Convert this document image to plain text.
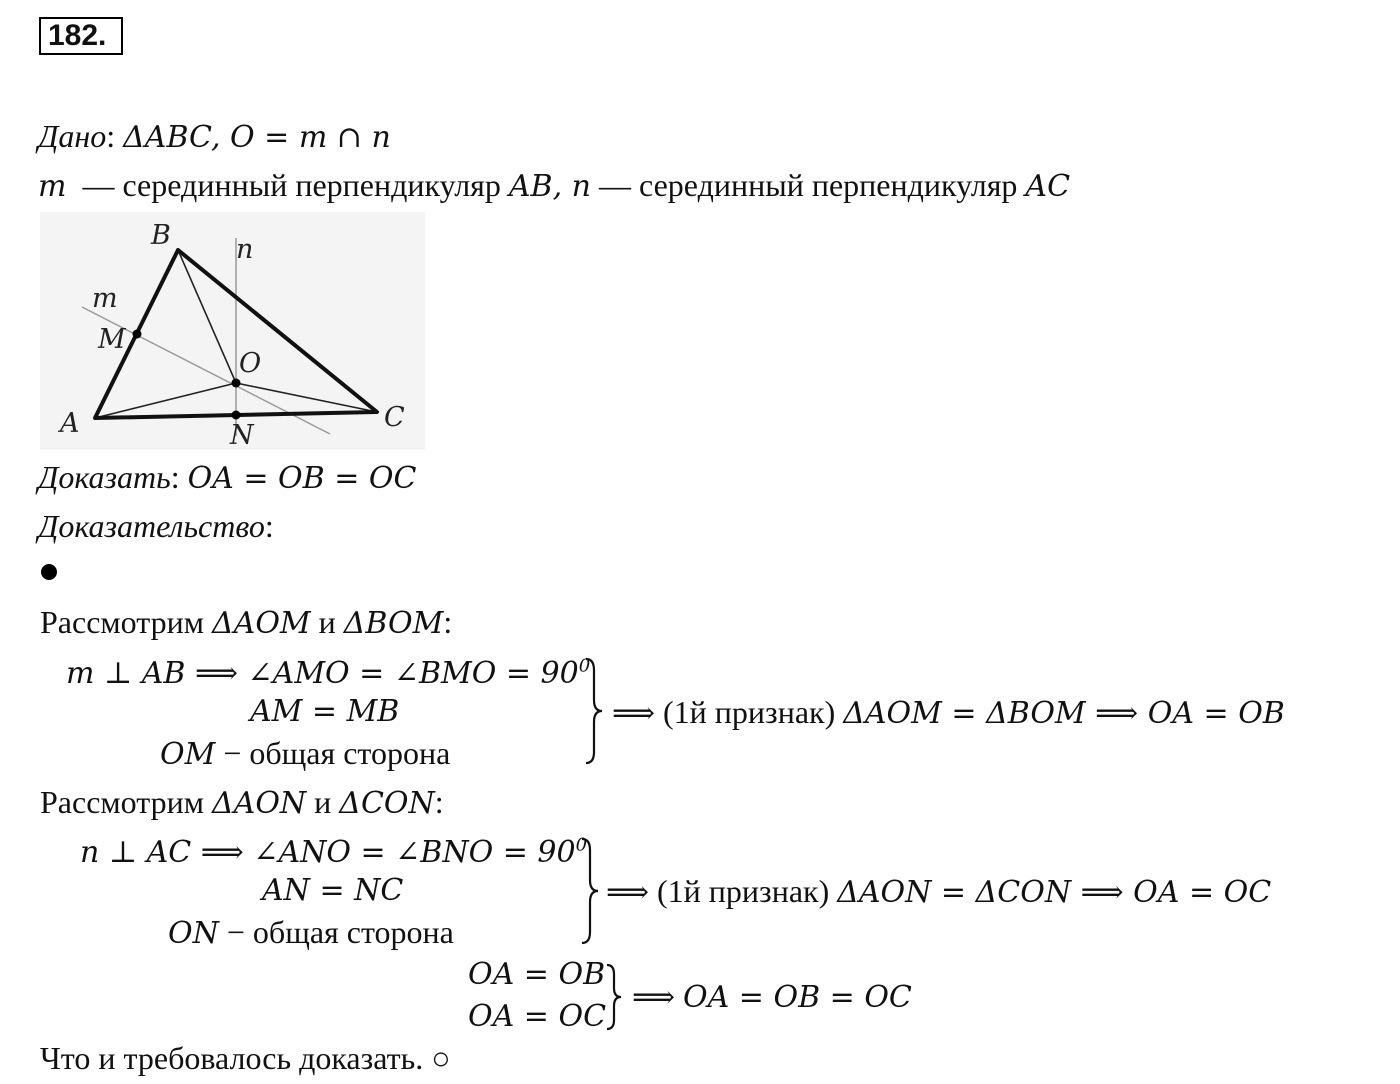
182.
Дано: ΔABC, O = m ∩ n
m — серединный перпендикуляр AB, n — серединный перпендикуляр AC
B n
m
M
O
A	C
N
Доказать: OA = OB = OC
Доказательство:
Рассмотрим ΔAOM и ΔBOM:
m ⊥ AB ⟹ ∠AMO = ∠BMO = $90^0$
AM = MB
OM − общая сторона
⟹ (1й признак) ΔAOM = ΔBOM ⟹ OA = OB
Рассмотрим ΔAON и ΔCON:
n ⊥ AC ⟹ ∠ANO = ∠BNO = $90^0$
AN = NC
ON − общая сторона
⟹ (1й признак) ΔAON = ΔCON ⟹ OA = OC
OA = OB
OA = OC
⟹ OA = OB = OC
Что и требовалось доказать. ○
